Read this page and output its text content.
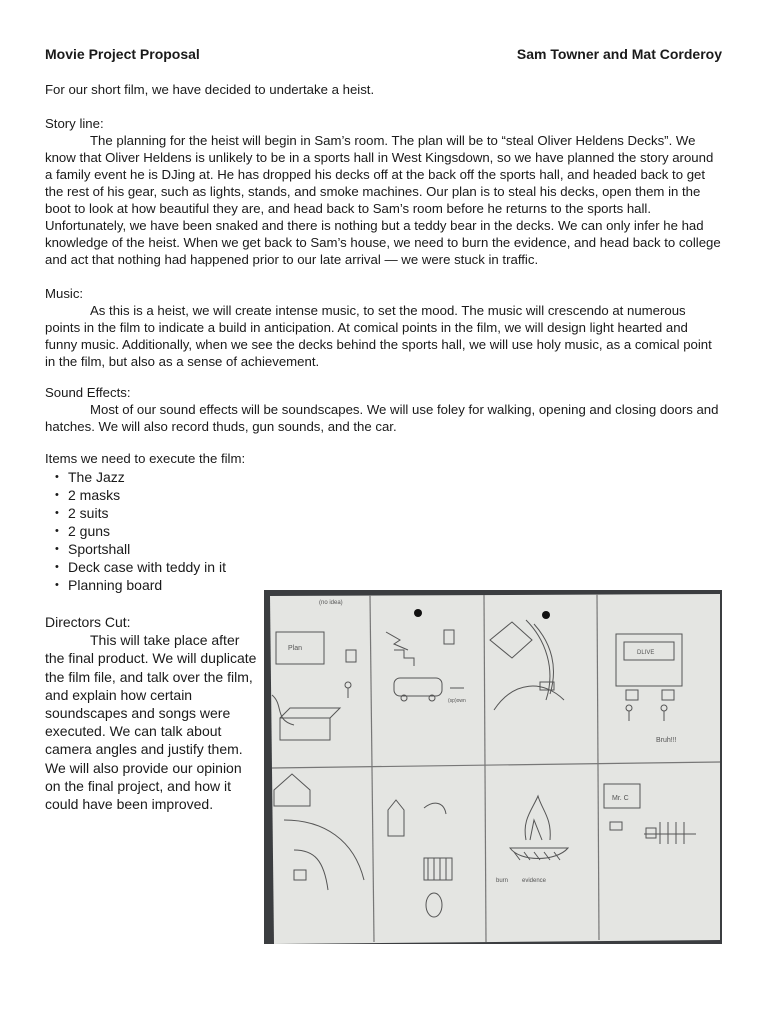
Movie Project Proposal	Sam Towner and Mat Corderoy
For our short film, we have decided to undertake a heist.
Story line:
The planning for the heist will begin in Sam’s room. The plan will be to “steal Oliver Heldens Decks”. We know that Oliver Heldens is unlikely to be in a sports hall in West Kingsdown, so we have planned the story around a family event he is DJing at. He has dropped his decks off at the back off the sports hall, and headed back to get the rest of his gear, such as lights, stands, and smoke machines. Our plan is to steal his decks, open them in the boot to look at how beautiful they are, and head back to Sam’s room before he returns to the sports hall. Unfortunately, we have been snaked and there is nothing but a teddy bear in the decks. We can only infer he had knowledge of the heist. When we get back to Sam’s house, we need to burn the evidence, and head back to college and act that nothing had happened prior to our late arrival — we were stuck in traffic.
Music:
As this is a heist, we will create intense music, to set the mood. The music will crescendo at numerous points in the film to indicate a build in anticipation. At comical points in the film, we will design light hearted and funny music. Additionally, when we see the decks behind the sports hall, we will use holy music, as a comical point in the film, but also as a sense of achievement.
Sound Effects:
Most of our sound effects will be soundscapes. We will use foley for walking, opening and closing doors and hatches. We will also record thuds, gun sounds, and the car.
Items we need to execute the film:
• The Jazz
• 2 masks
• 2 suits
• 2 guns
• Sportshall
• Deck case with teddy in it
• Planning board
Directors Cut:
This will take place after the final product. We will duplicate the film file, and talk over the film, and explain how certain soundscapes and songs were executed. We can talk about camera angles and justify them. We will also provide our opinion on the final project, and how it could have been improved.
(no idea)
Plan
(sp)own
Bruh!!!
burn evidence
Mr. C
DLIVE
